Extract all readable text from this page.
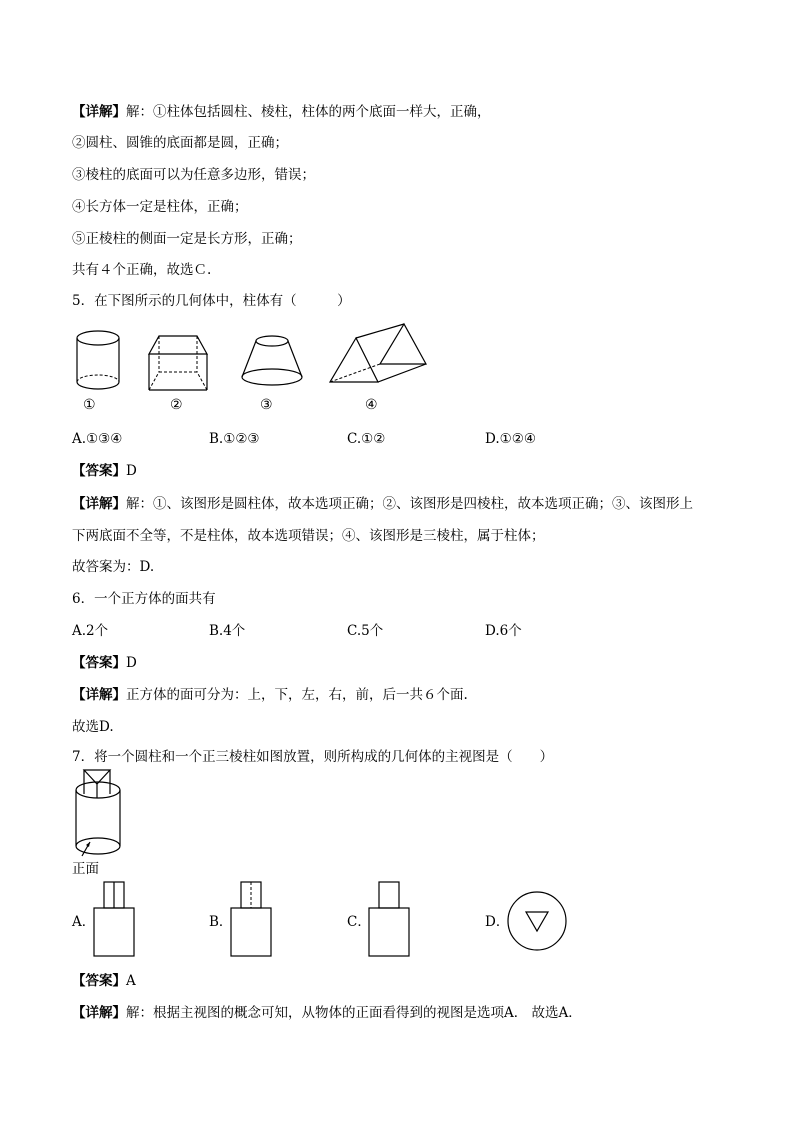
【详解】解：①柱体包括圆柱、棱柱，柱体的两个底面一样大，正确，
②圆柱、圆锥的底面都是圆，正确；
③棱柱的底面可以为任意多边形，错误；
④长方体一定是柱体，正确；
⑤正棱柱的侧面一定是长方形，正确；
共有４个正确，故选Ｃ.
5．在下图所示的几何体中，柱体有（　　　）
①	②	③	④
A.①③④	B.①②③	C.①②	D.①②④
【答案】D
【详解】解：①、该图形是圆柱体，故本选项正确；②、该图形是四棱柱，故本选项正确；③、该图形上
下两底面不全等，不是柱体，故本选项错误；④、该图形是三棱柱，属于柱体；
故答案为：D.
6．一个正方体的面共有
A.2个	B.4个	C.5个	D.6个
【答案】D
【详解】正方体的面可分为：上，下，左，右，前，后一共６个面.
故选D.
7．将一个圆柱和一个正三棱柱如图放置，则所构成的几何体的主视图是（　　）
正面
A．	B．	C．	D．
【答案】A
【详解】解：根据主视图的概念可知，从物体的正面看得到的视图是选项A． 故选A．
